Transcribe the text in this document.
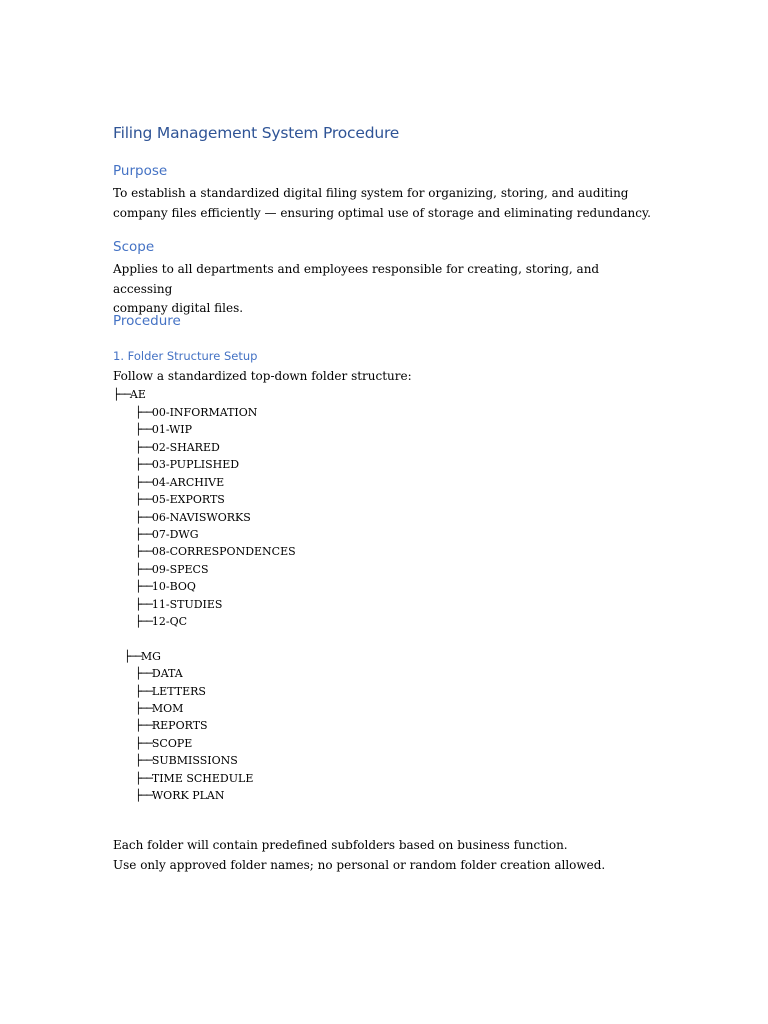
Filing Management System Procedure
Purpose
To establish a standardized digital filing system for organizing, storing, and auditing
company files efficiently — ensuring optimal use of storage and eliminating redundancy.
Scope
Applies to all departments and employees responsible for creating, storing, and accessing
company digital files.
Procedure
1. Folder Structure Setup
Follow a standardized top-down folder structure:
├──AE
├──00-INFORMATION
├──01-WIP
├──02-SHARED
├──03-PUPLISHED
├──04-ARCHIVE
├──05-EXPORTS
├──06-NAVISWORKS
├──07-DWG
├──08-CORRESPONDENCES
├──09-SPECS
├──10-BOQ
├──11-STUDIES
├──12-QC
├──MG
├──DATA
├──LETTERS
├──MOM
├──REPORTS
├──SCOPE
├──SUBMISSIONS
├──TIME SCHEDULE
├──WORK PLAN
Each folder will contain predefined subfolders based on business function.
Use only approved folder names; no personal or random folder creation allowed.
